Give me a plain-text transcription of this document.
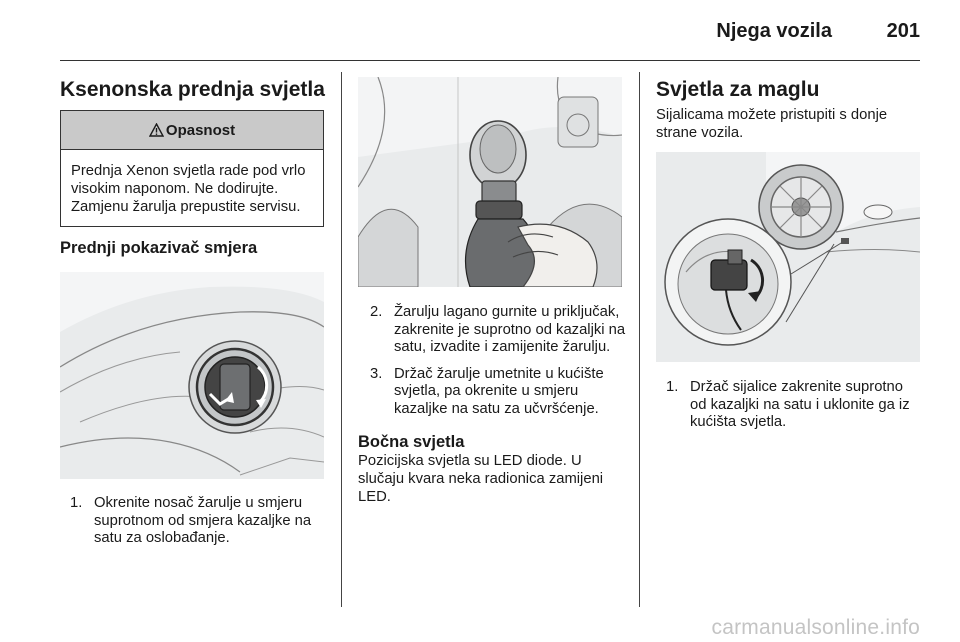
Njega vozila	201
Ksenonska prednja svjetla
Opasnost
Prednja Xenon svjetla rade pod vrlo visokim naponom. Ne dodirujte. Zamjenu žarulja prepustite servisu.
Prednji pokazivač smjera
1. Okrenite nosač žarulje u smjeru suprotnom od smjera kazaljke na satu za oslobađanje.
2. Žarulju lagano gurnite u priključak, zakrenite je suprotno od kazaljki na satu, izvadite i zamijenite žarulju.
3. Držač žarulje umetnite u kućište svjetla, pa okrenite u smjeru kazaljke na satu za učvršćenje.
Bočna svjetla

Pozicijska svjetla su LED diode. U slučaju kvara neka radionica zamijeni LED.

Svjetla za maglu

Sijalicama možete pristupiti s donje strane vozila.

1. Držač sijalice zakrenite suprotno od kazaljki na satu i uklonite ga iz kućišta svjetla.
carmanualsonline.info
